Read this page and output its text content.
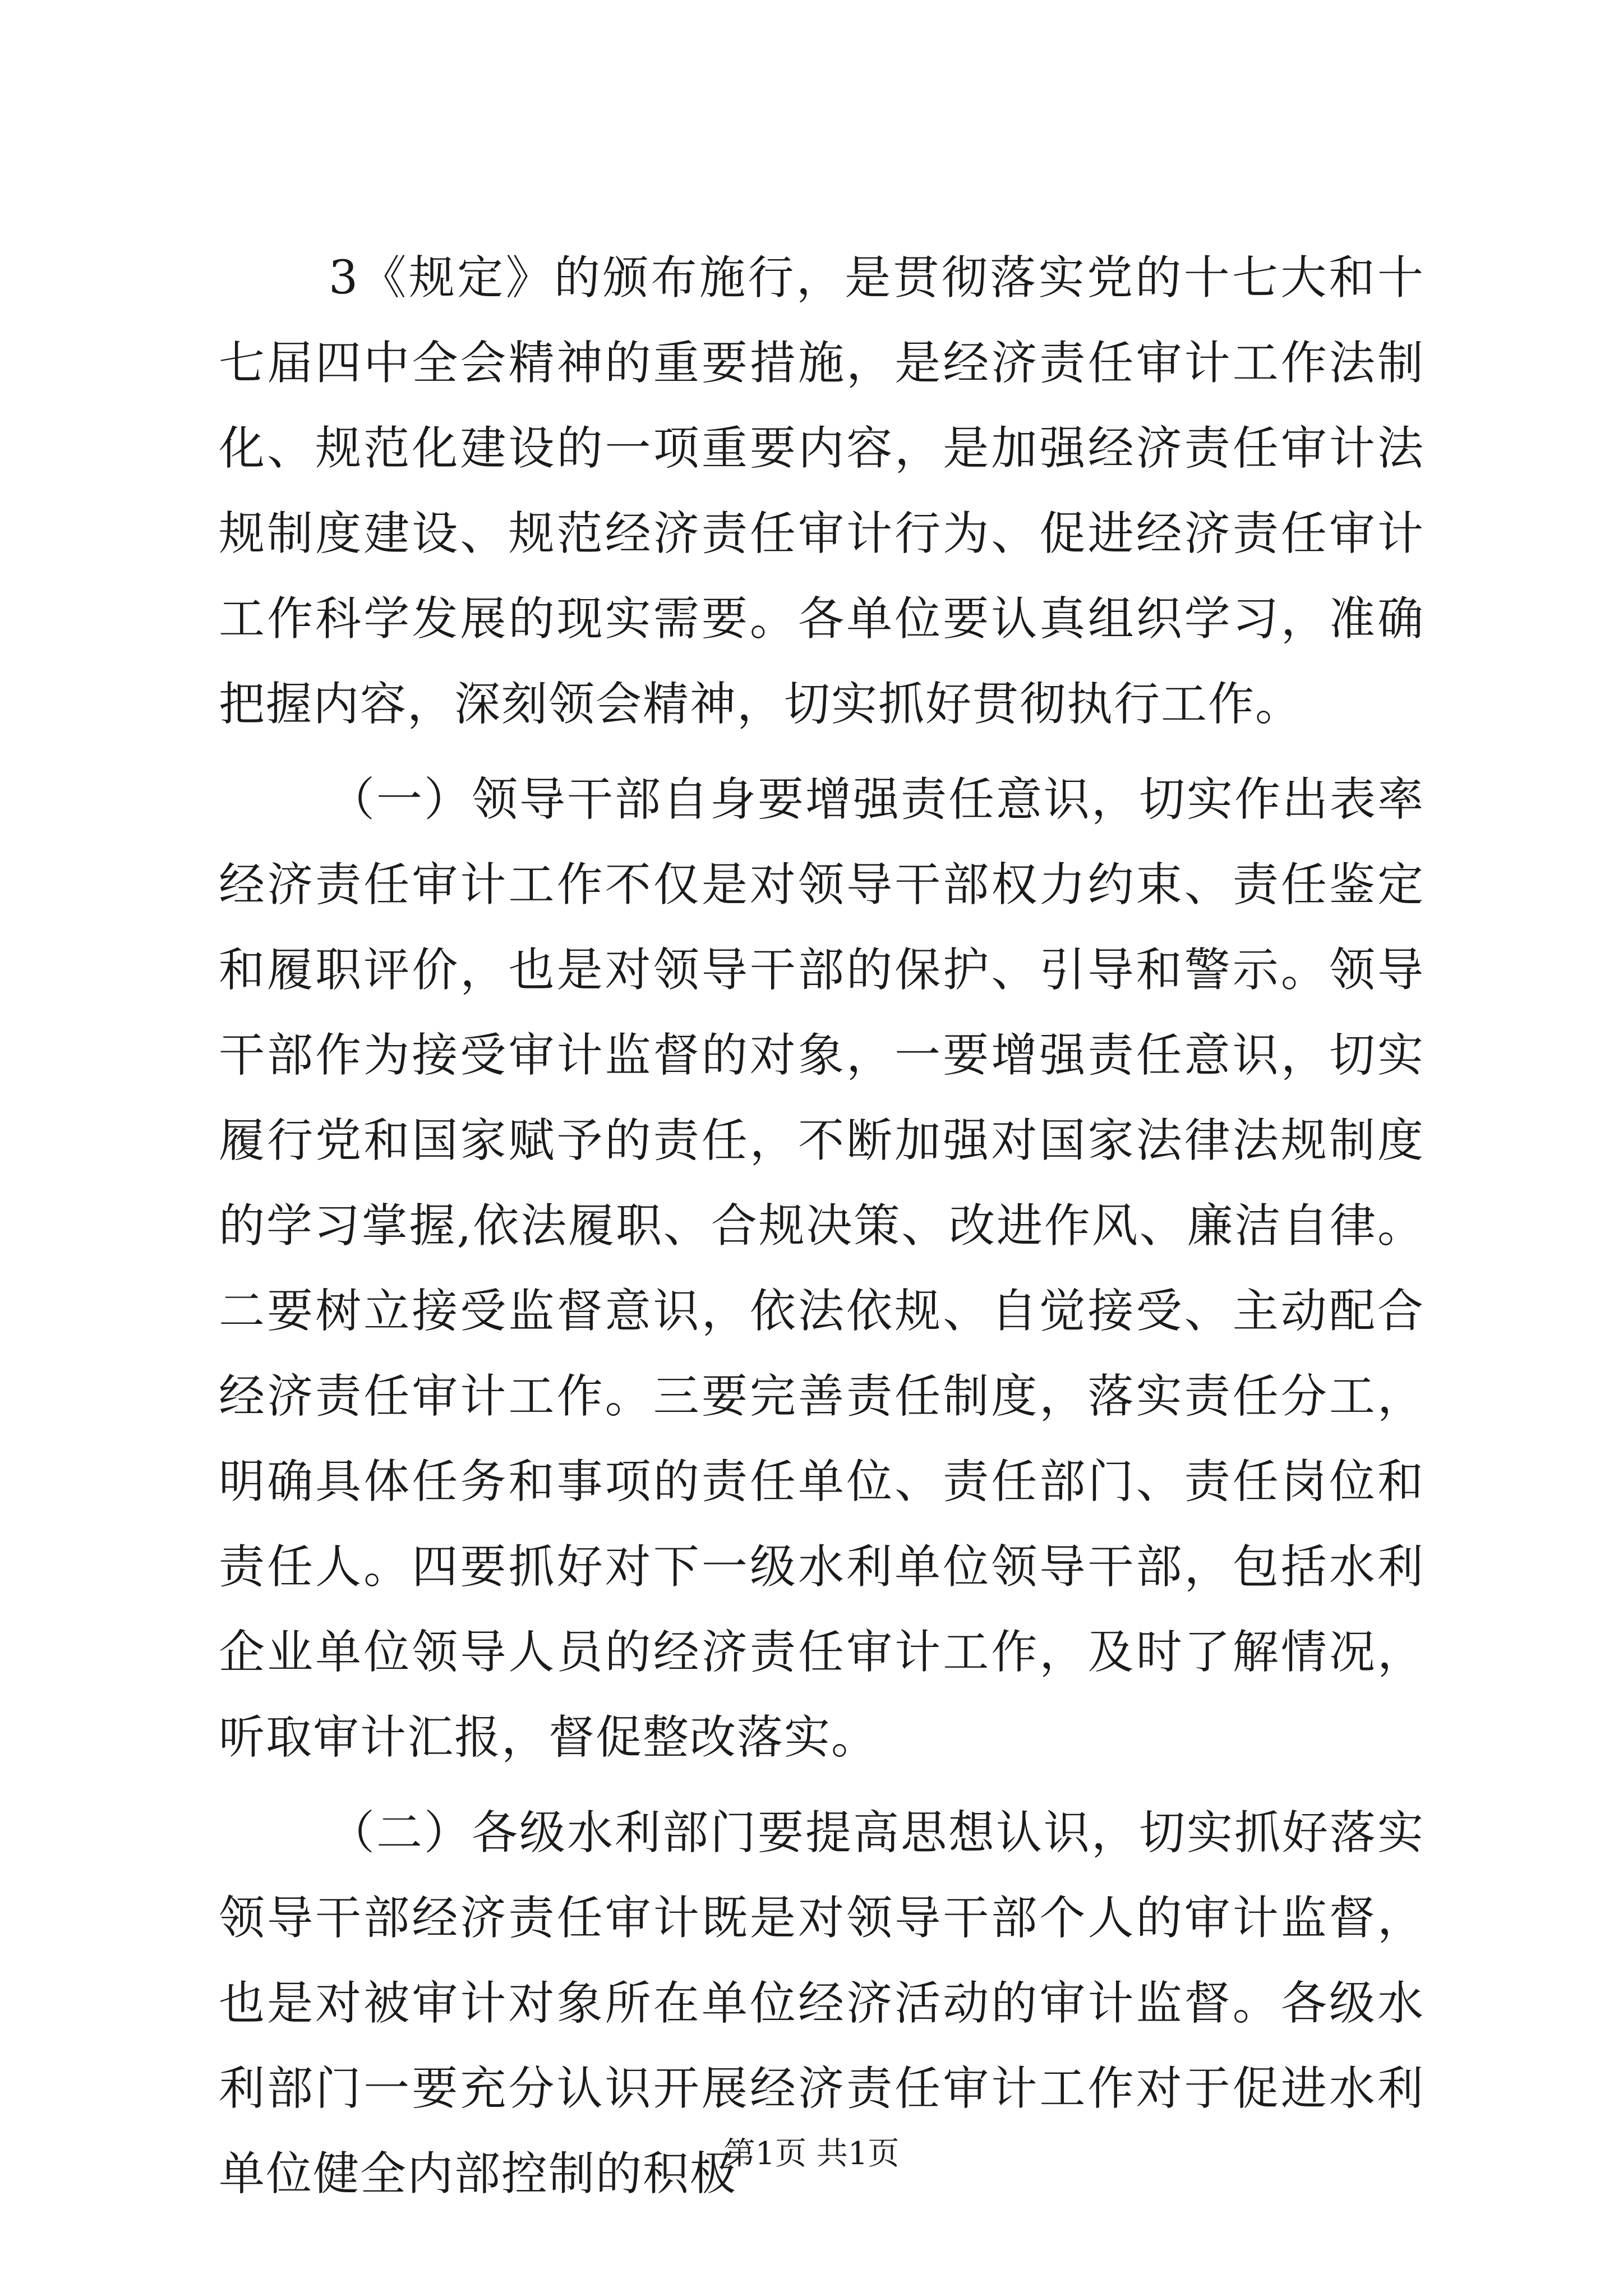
3《规定》的颁布施行，是贯彻落实党的十七大和十七届四中全会精神的重要措施，是经济责任审计工作法制化、规范化建设的一项重要内容，是加强经济责任审计法规制度建设、规范经济责任审计行为、促进经济责任审计工作科学发展的现实需要。各单位要认真组织学习，准确把握内容，深刻领会精神，切实抓好贯彻执行工作。

（一）领导干部自身要增强责任意识，切实作出表率经济责任审计工作不仅是对领导干部权力约束、责任鉴定和履职评价，也是对领导干部的保护、引导和警示。领导干部作为接受审计监督的对象，一要增强责任意识，切实履行党和国家赋予的责任，不断加强对国家法律法规制度的学习掌握,依法履职、合规决策、改进作风、廉洁自律。二要树立接受监督意识，依法依规、自觉接受、主动配合经济责任审计工作。三要完善责任制度，落实责任分工，明确具体任务和事项的责任单位、责任部门、责任岗位和责任人。四要抓好对下一级水利单位领导干部，包括水利企业单位领导人员的经济责任审计工作，及时了解情况，听取审计汇报，督促整改落实。

（二）各级水利部门要提高思想认识，切实抓好落实领导干部经济责任审计既是对领导干部个人的审计监督，也是对被审计对象所在单位经济活动的审计监督。各级水利部门一要充分认识开展经济责任审计工作对于促进水利单位健全内部控制的积极

第1页 共1页
